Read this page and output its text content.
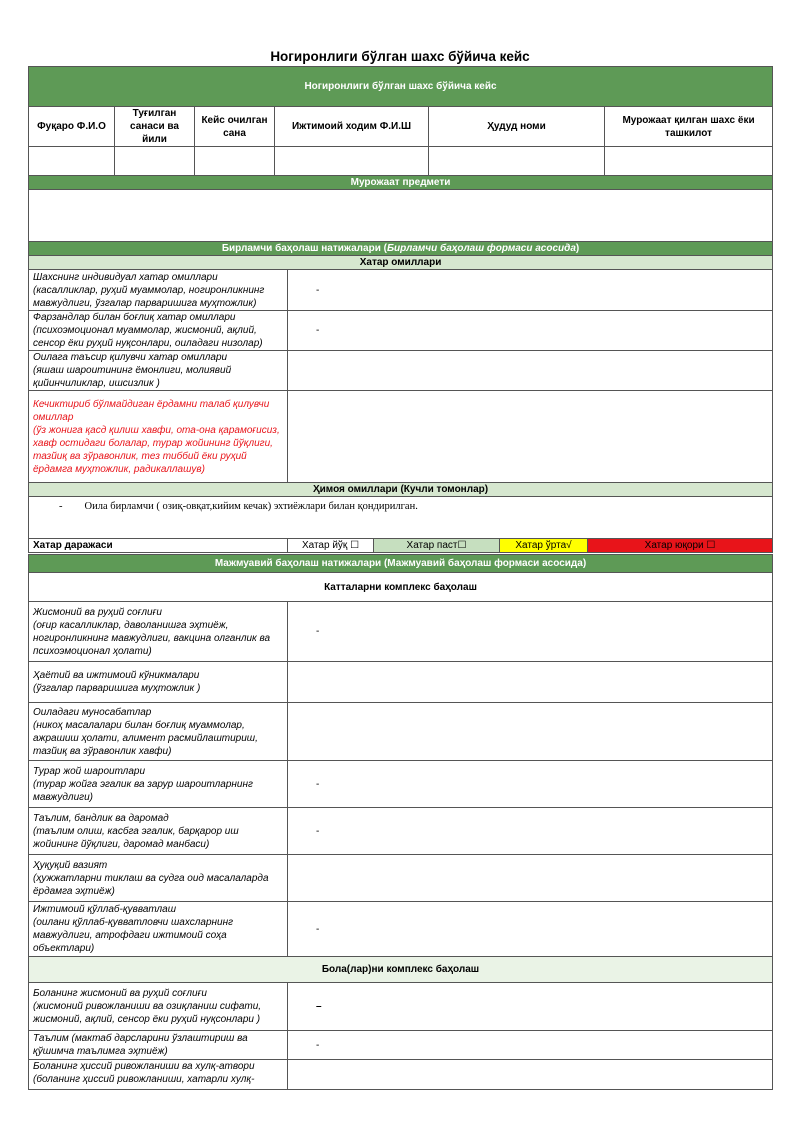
Ногиронлиги бўлган шахс бўйича кейс
Ногиронлиги бўлган шахс бўйича кейс					
Фуқаро Ф.И.О	Туғилган санаси ва йили	Кейс очилган сана	Ижтимоий ходим Ф.И.Ш	Ҳудуд номи	Мурожаат қилган шахс ёки ташкилот

Мурожаат предмети					

Бирламчи баҳолаш натижалари (Бирламчи баҳолаш формаси асосида)				
Хатар омиллари				
Шахснинг индивидуал хатар омиллари
(касалликлар, руҳий муаммолар, ногиронликнинг мавжудлиги, ўзгалар парваришига муҳтожлик)	-			
Фарзандлар билан боғлиқ хатар омиллари
(психоэмоционал муаммолар, жисмоний, ақлий, сенсор ёки руҳий нуқсонлари, оиладаги низолар)	-			
Оилага таъсир қилувчи хатар омиллари
(яшаш шароитининг ёмонлиги, молиявий қийинчиликлар, ишсизлик )				
Кечиктириб бўлмайдиган ёрдамни талаб қилувчи омиллар
(ўз жонига қасд қилиш хавфи, ота-она қарамоғисиз, хавф остидаги болалар, турар жойининг йўқлиги, тазйиқ ва зўравонлик, тез тиббий ёки руҳий ёрдамга муҳтожлик, радикаллашув)				
Ҳимоя омиллари (Кучли томонлар)				
- Оила бирламчи ( озиқ-овқат,кийим кечак) эхтиёжлари билан қондирилган.				
Хатар даражаси	Хатар йўқ ☐	Хатар паст☐	Хатар ўрта√	Хатар юқори ☐
Мажмуавий баҳолаш натижалари (Мажмуавий баҳолаш формаси асосида)	
Катталарни комплекс баҳолаш	
Жисмоний ва руҳий соғлиғи
(оғир касалликлар, даволанишга эҳтиёж, ногиронликнинг мавжудлиги, вакцина олганлик ва психоэмоционал ҳолати)	-
Ҳаётий ва ижтимоий кўникмалари
(ўзгалар парваришига муҳтожлик )	
Оиладаги муносабатлар
(никоҳ масалалари билан боғлиқ муаммолар, ажрашиш ҳолати, алимент расмийлаштириш, тазйиқ ва зўравонлик хавфи)	
Турар жой шароитлари
(турар жойга эгалик ва зарур шароитларнинг мавжудлиги)	-
Таълим, бандлик ва даромад
(таълим олиш, касбга эгалик, барқарор иш жойининг йўқлиги, даромад манбаси)	-
Ҳуқуқий вазият
(ҳужжатларни тиклаш ва судга оид масалаларда ёрдамга эҳтиёж)	
Ижтимоий қўллаб-қувватлаш
(оилани қўллаб-қувватловчи шахсларнинг мавжудлиги, атрофдаги ижтимоий соҳа объектлари)	-
Бола(лар)ни комплекс баҳолаш	
Боланинг жисмоний ва руҳий соғлиғи
(жисмоний ривожланиши ва озиқланиш сифати, жисмоний, ақлий, сенсор ёки руҳий нуқсонлари )	–
Таълим (мактаб дарсларини ўзлаштириш ва қўшимча таълимга эҳтиёж)	-
Боланинг ҳиссий ривожланиши ва хулқ-атвори
(боланинг ҳиссий ривожланиши, хатарли хулқ-	
